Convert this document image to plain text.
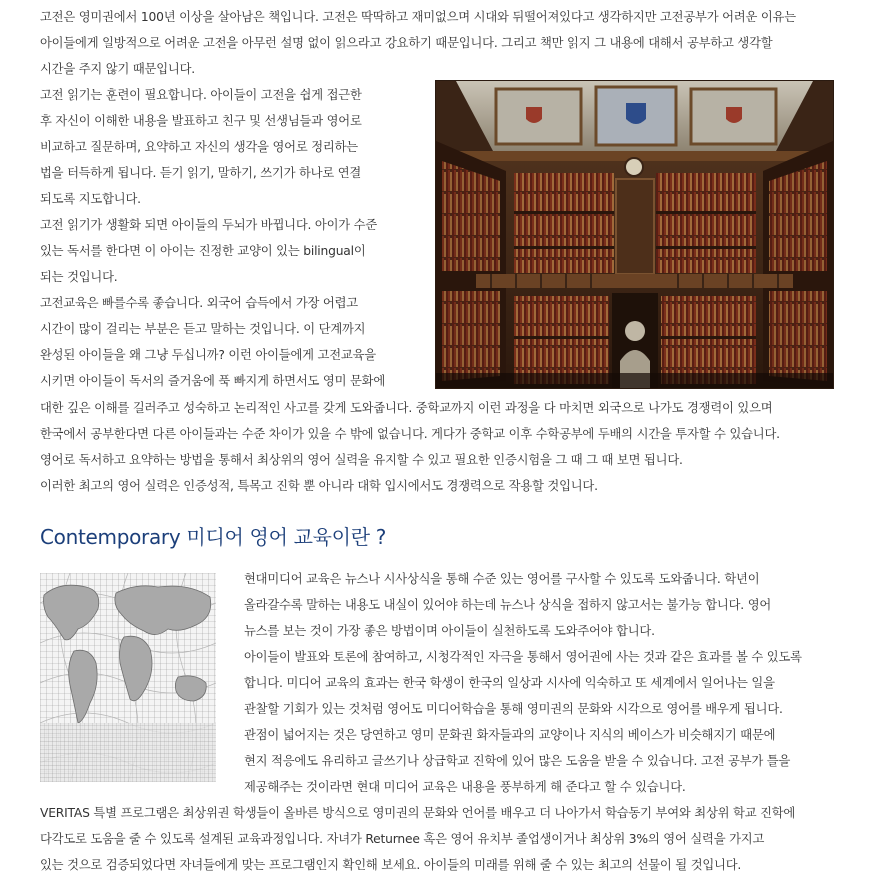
고전은 영미권에서 100년 이상을 살아남은 책입니다. 고전은 딱딱하고 재미없으며 시대와 뒤떨어져있다고 생각하지만 고전공부가 어려운 이유는
아이들에게 일방적으로 어려운 고전을 아무런 설명 없이 읽으라고 강요하기 때문입니다. 그리고 책만 읽지 그 내용에 대해서 공부하고 생각할
시간을 주지 않기 때문입니다.
고전 읽기는 훈련이 필요합니다. 아이들이 고전을 쉽게 접근한
후 자신이 이해한 내용을 발표하고 친구 및 선생님들과 영어로
비교하고 질문하며, 요약하고 자신의 생각을 영어로 정리하는
법을 터득하게 됩니다. 듣기 읽기, 말하기, 쓰기가 하나로 연결
되도록 지도합니다.
고전 읽기가 생활화 되면 아이들의 두뇌가 바뀝니다. 아이가 수준
있는 독서를 한다면 이 아이는 진정한 교양이 있는 bilingual이
되는 것입니다.
고전교육은 빠를수록 좋습니다. 외국어 습득에서 가장 어렵고
시간이 많이 걸리는 부분은 듣고 말하는 것입니다. 이 단계까지
완성된 아이들을 왜 그냥 두십니까? 이런 아이들에게 고전교육을
시키면 아이들이 독서의 즐거움에 푹 빠지게 하면서도 영미 문화에
대한 깊은 이해를 길러주고 성숙하고 논리적인 사고를 갖게 도와줍니다. 중학교까지 이런 과정을 다 마치면 외국으로 나가도 경쟁력이 있으며
한국에서 공부한다면 다른 아이들과는 수준 차이가 있을 수 밖에 없습니다. 게다가 중학교 이후 수학공부에 두배의 시간을 투자할 수 있습니다.
영어로 독서하고 요약하는 방법을 통해서 최상위의 영어 실력을 유지할 수 있고 필요한 인증시험을 그 때 그 때 보면 됩니다.
이러한 최고의 영어 실력은 인증성적, 특목고 진학 뿐 아니라 대학 입시에서도 경쟁력으로 작용할 것입니다.
Contemporary 미디어 영어 교육이란 ?
현대미디어 교육은 뉴스나 시사상식을 통해 수준 있는 영어를 구사할 수 있도록 도와줍니다. 학년이
올라갈수록 말하는 내용도 내실이 있어야 하는데 뉴스나 상식을 접하지 않고서는 불가능 합니다. 영어
뉴스를 보는 것이 가장 좋은 방법이며 아이들이 실천하도록 도와주어야 합니다.
아이들이 발표와 토론에 참여하고, 시청각적인 자극을 통해서 영어권에 사는 것과 같은 효과를 볼 수 있도록
합니다. 미디어 교육의 효과는 한국 학생이 한국의 일상과 시사에 익숙하고 또 세계에서 일어나는 일을
관찰할 기회가 있는 것처럼 영어도 미디어학습을 통해 영미권의 문화와 시각으로 영어를 배우게 됩니다.
관점이 넓어지는 것은 당연하고 영미 문화권 화자들과의 교양이나 지식의 베이스가 비슷해지기 때문에
현지 적응에도 유리하고 글쓰기나 상급학교 진학에 있어 많은 도움을 받을 수 있습니다. 고전 공부가 틀을
제공해주는 것이라면 현대 미디어 교육은 내용을 풍부하게 해 준다고 할 수 있습니다.
VERITAS 특별 프로그램은 최상위권 학생들이 올바른 방식으로 영미권의 문화와 언어를 배우고 더 나아가서 학습동기 부여와 최상위 학교 진학에
다각도로 도움을 줄 수 있도록 설계된 교육과정입니다. 자녀가 Returnee 혹은 영어 유치부 졸업생이거나 최상위 3%의 영어 실력을 가지고
있는 것으로 검증되었다면 자녀들에게 맞는 프로그램인지 확인해 보세요. 아이들의 미래를 위해 줄 수 있는 최고의 선물이 될 것입니다.
